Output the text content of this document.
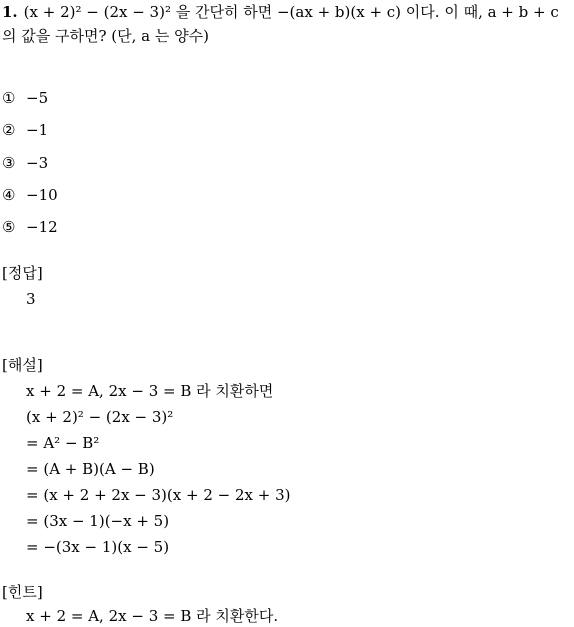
1. (x + 2)² − (2x − 3)² 을 간단히 하면 −(ax + b)(x + c) 이다. 이 때, a + b + c
의 값을 구하면? (단, a 는 양수)
① −5
② −1
③ −3
④ −10
⑤ −12
[정답]
3
[해설]
x + 2 = A, 2x − 3 = B 라 치환하면
(x + 2)² − (2x − 3)²
= A² − B²
= (A + B)(A − B)
= (x + 2 + 2x − 3)(x + 2 − 2x + 3)
= (3x − 1)(−x + 5)
= −(3x − 1)(x − 5)
[힌트]
x + 2 = A, 2x − 3 = B 라 치환한다.
